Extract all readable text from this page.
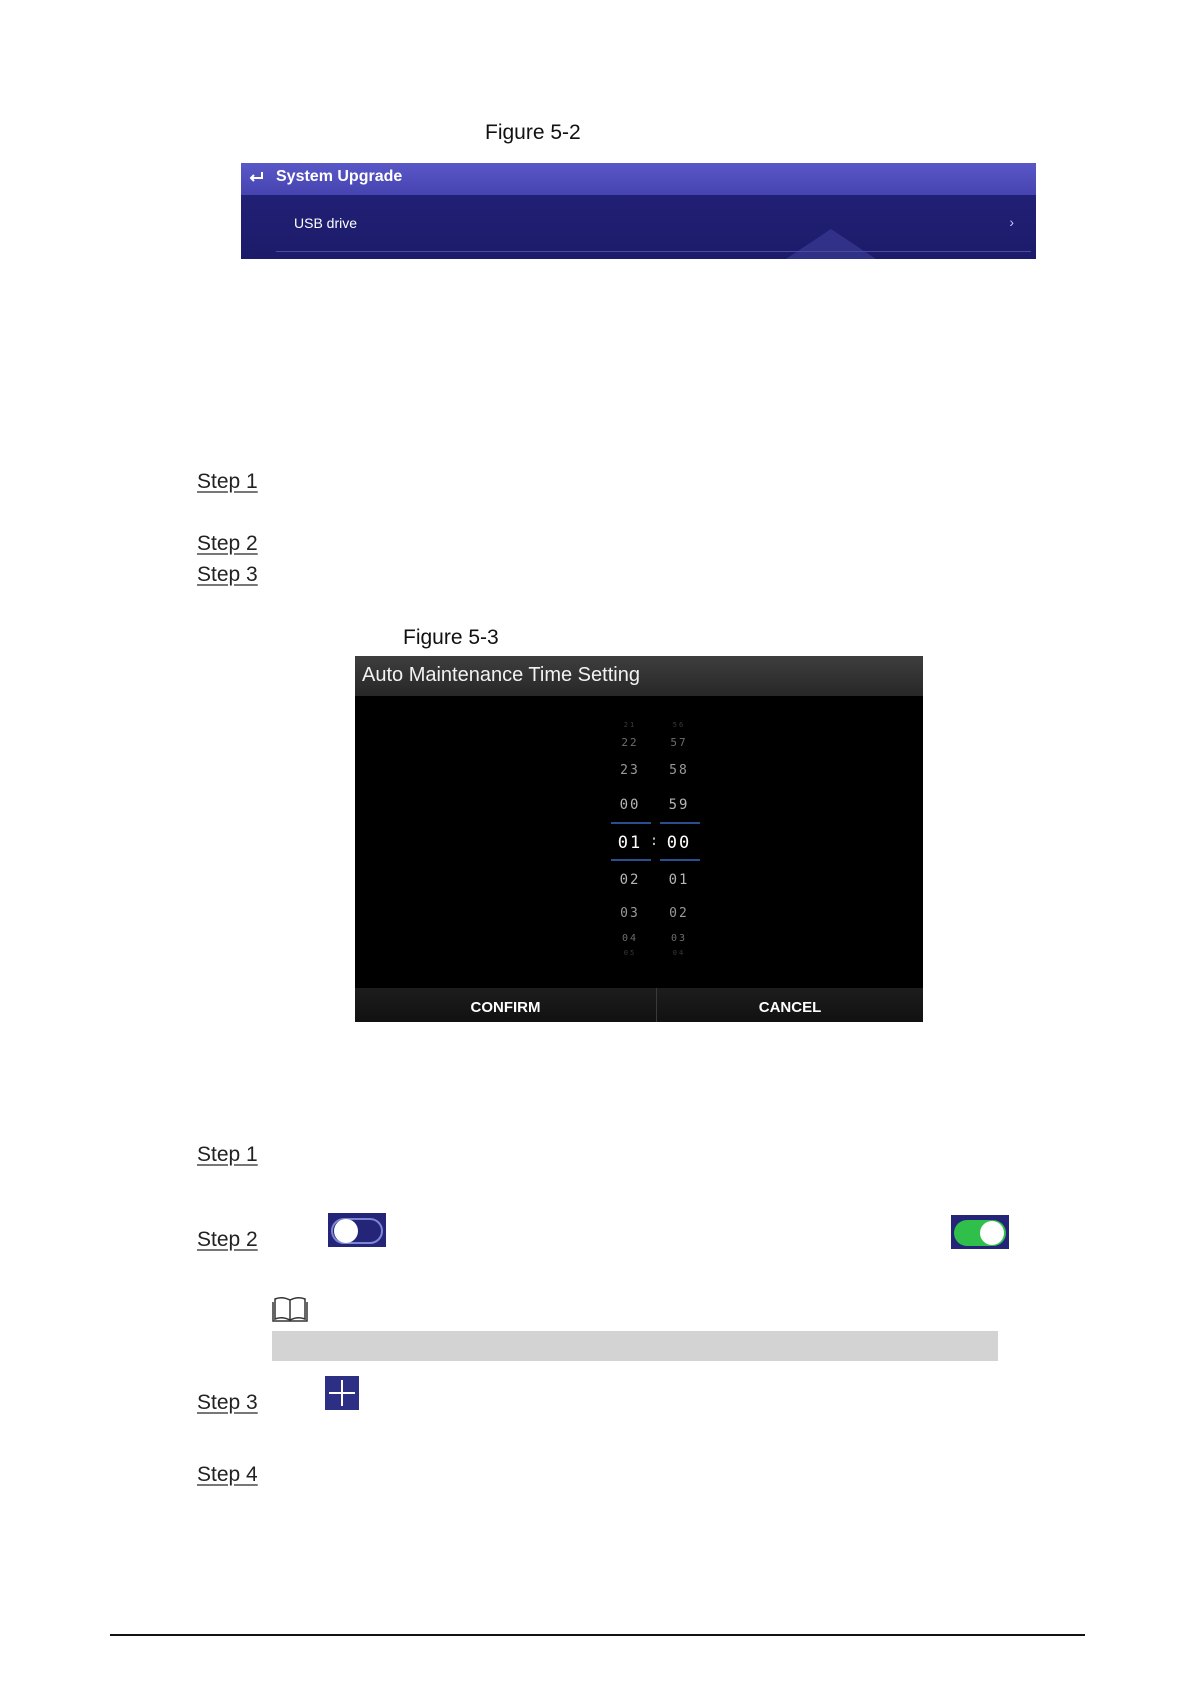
Figure 5-2
System Upgrade
USB drive	›
Step 1
Step 2
Step 3
Figure 5-3
Auto Maintenance Time Setting
21
22
23
00
01
02
03
04
05
:
56
57
58
59
00
01
02
03
04
CONFIRM	CANCEL
Step 1
Step 2
Step 3
Step 4
